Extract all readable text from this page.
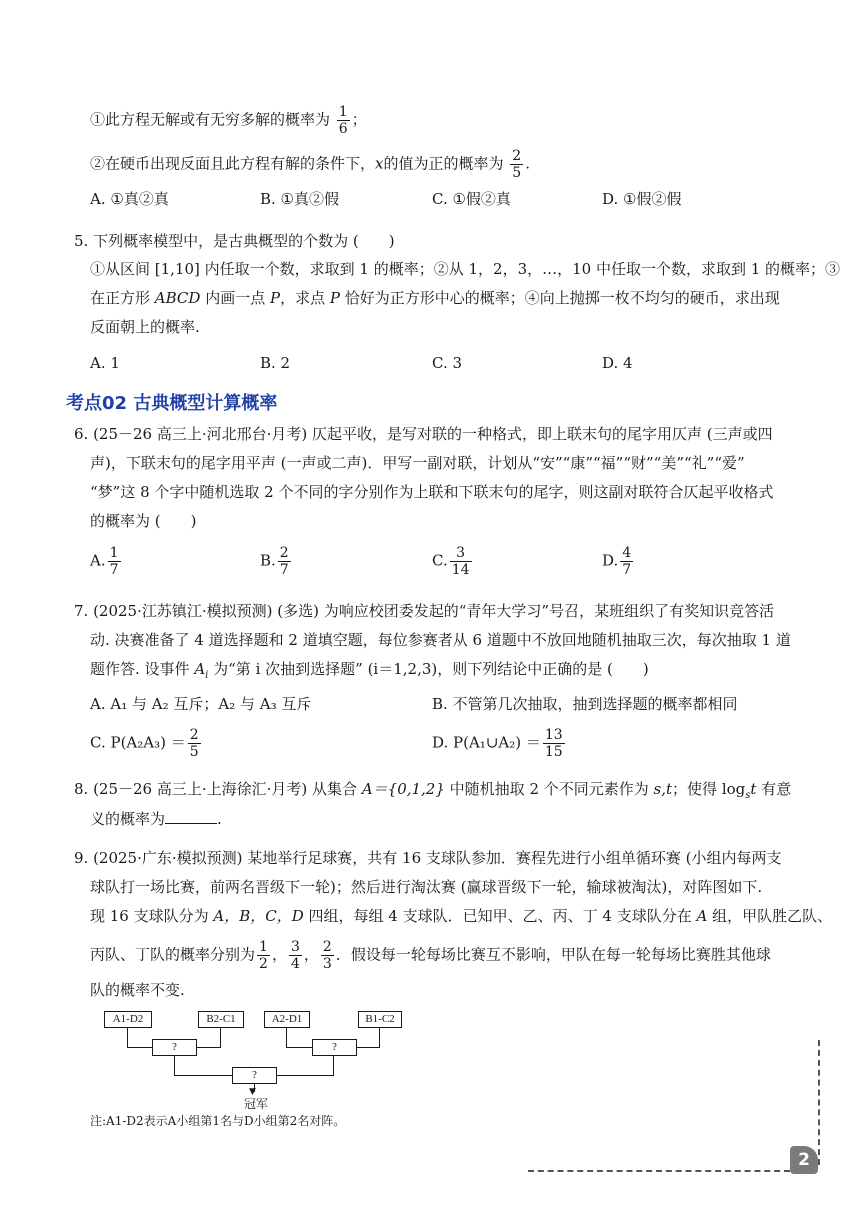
①此方程无解或有无穷多解的概率为 $\frac{1}{6}$ ；
②在硬币出现反面且此方程有解的条件下，x的值为正的概率为 $\frac{2}{5}$ .
A. ①真②真	B. ①真②假	C. ①假②真	D. ①假②假
5. 下列概率模型中，是古典概型的个数为 (　　)
①从区间 [1,10] 内任取一个数，求取到 1 的概率；②从 1，2，3，…，10 中任取一个数，求取到 1 的概率；③
在正方形 ABCD 内画一点 P，求点 P 恰好为正方形中心的概率；④向上抛掷一枚不均匀的硬币，求出现
反面朝上的概率.
A. 1	B. 2	C. 3	D. 4
考点02 古典概型计算概率
6. (25－26 高三上·河北邢台·月考) 仄起平收，是写对联的一种格式，即上联末句的尾字用仄声 (三声或四
声)，下联末句的尾字用平声 (一声或二声)．甲写一副对联，计划从“安”“康”“福”“财”“美”“礼”“爱”
“梦”这 8 个字中随机选取 2 个不同的字分别作为上联和下联末句的尾字，则这副对联符合仄起平收格式
的概率为 (　　)
A. $\frac{1}{7}$	B. $\frac{2}{7}$	C. $\frac{3}{14}$	D. $\frac{4}{7}$
7. (2025·江苏镇江·模拟预测) (多选) 为响应校团委发起的“青年大学习”号召，某班组织了有奖知识竞答活
动. 决赛准备了 4 道选择题和 2 道填空题，每位参赛者从 6 道题中不放回地随机抽取三次，每次抽取 1 道
题作答. 设事件 $A_i$ 为“第 i 次抽到选择题” (i＝1,2,3)，则下列结论中正确的是 (　　)
A. A₁ 与 A₂ 互斥；A₂ 与 A₃ 互斥	B. 不管第几次抽取，抽到选择题的概率都相同
C. $P(A_2A_3) = \frac{2}{5}$	D. P(A₁∪A₂) ＝ $\frac{13}{15}$
8. (25－26 高三上·上海徐汇·月考) 从集合 A＝{0,1,2} 中随机抽取 2 个不同元素作为 s,t；使得 $\log_st$ 有意
义的概率为	.
9. (2025·广东·模拟预测) 某地举行足球赛，共有 16 支球队参加．赛程先进行小组单循环赛 (小组内每两支
球队打一场比赛，前两名晋级下一轮)；然后进行淘汰赛 (赢球晋级下一轮，输球被淘汰)，对阵图如下.
现 16 支球队分为 A，B，C，D 四组，每组 4 支球队．已知甲、乙、丙、丁 4 支球队分在 A 组，甲队胜乙队、
丙队、丁队的概率分别为 $\frac{1}{2}$ ， $\frac{3}{4}$ ， $\frac{2}{3}$ ．假设每一轮每场比赛互不影响，甲队在每一轮每场比赛胜其他球
队的概率不变.
A1-D2	B2-C1	A2-D1	B1-C2
?	?
?
▼
冠军
注:A1-D2表示A小组第1名与D小组第2名对阵。
2
